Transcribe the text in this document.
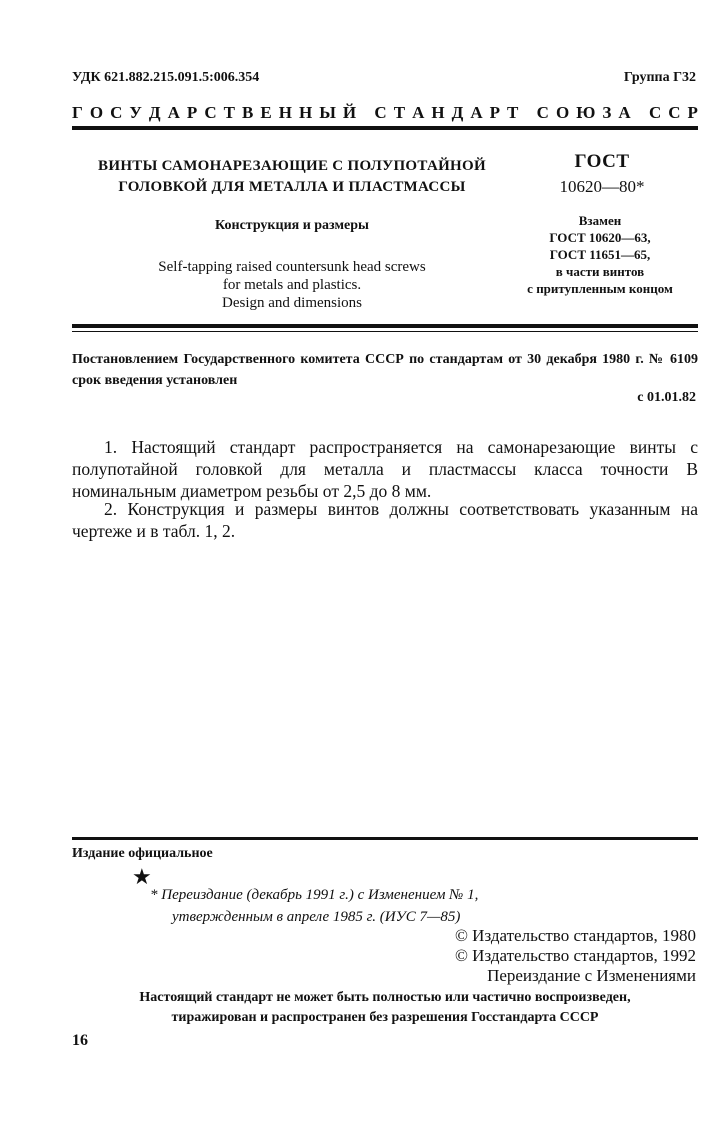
УДК 621.882.215.091.5:006.354	Группа Г32
Г О С У Д А Р С Т В Е Н Н Ы Й
С Т А Н Д А Р Т
С О Ю З А
С С Р
ВИНТЫ САМОНАРЕЗАЮЩИЕ С ПОЛУПОТАЙНОЙ
ГОЛОВКОЙ ДЛЯ МЕТАЛЛА И ПЛАСТМАССЫ
Конструкция и размеры
Self-tapping raised countersunk head screws
for metals and plastics.
Design and dimensions
ГОСТ
10620—80*
Взамен
ГОСТ 10620—63,
ГОСТ 11651—65,
в части винтов
с притупленным концом
Постановлением Государственного комитета СССР по стандартам от 30 декабря 1980 г. № 6109 срок введения установлен
с 01.01.82
1. Настоящий стандарт распространяется на самонарезающие винты с полупотайной головкой для металла и пластмассы класса точности В номинальным диаметром резьбы от 2,5 до 8 мм.
2. Конструкция и размеры винтов должны соответствовать указанным на чертеже и в табл. 1, 2.
Издание официальное
★
* Переиздание (декабрь 1991 г.) с Изменением № 1,
утвержденным в апреле 1985 г. (ИУС 7—85)
© Издательство стандартов, 1980
© Издательство стандартов, 1992
Переиздание с Изменениями
Настоящий стандарт не может быть полностью или частично воспроизведен,
тиражирован и распространен без разрешения Госстандарта СССР
16
